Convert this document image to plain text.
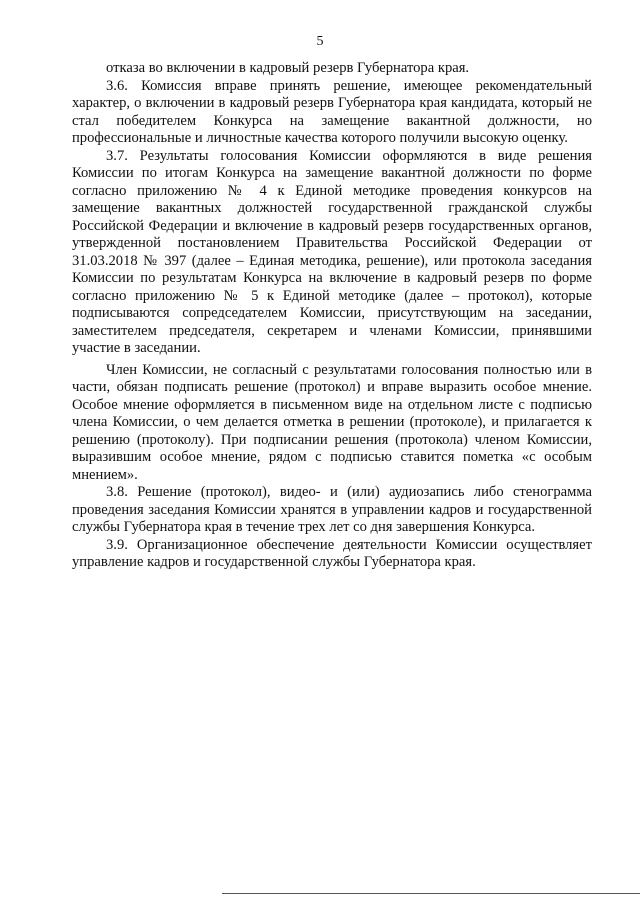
5

отказа во включении в кадровый резерв Губернатора края.

3.6. Комиссия вправе принять решение, имеющее рекомендательный характер, о включении в кадровый резерв Губернатора края кандидата, который не стал победителем Конкурса на замещение вакантной должности, но профессиональные и личностные качества которого получили высокую оценку.

3.7. Результаты голосования Комиссии оформляются в виде решения Комиссии по итогам Конкурса на замещение вакантной должности по форме согласно приложению № 4 к Единой методике проведения конкурсов на замещение вакантных должностей государственной гражданской службы Российской Федерации и включение в кадровый резерв государственных органов, утвержденной постановлением Правительства Российской Федерации от 31.03.2018 № 397 (далее – Единая методика, решение), или протокола заседания Комиссии по результатам Конкурса на включение в кадровый резерв по форме согласно приложению № 5 к Единой методике (далее – протокол), которые подписываются сопредседателем Комиссии, присутствующим на заседании, заместителем председателя, секретарем и членами Комиссии, принявшими участие в заседании.

Член Комиссии, не согласный с результатами голосования полностью или в части, обязан подписать решение (протокол) и вправе выразить особое мнение. Особое мнение оформляется в письменном виде на отдельном листе с подписью члена Комиссии, о чем делается отметка в решении (протоколе), и прилагается к решению (протоколу). При подписании решения (протокола) членом Комиссии, выразившим особое мнение, рядом с подписью ставится пометка «с особым мнением».

3.8. Решение (протокол), видео- и (или) аудиозапись либо стенограмма проведения заседания Комиссии хранятся в управлении кадров и государственной службы Губернатора края в течение трех лет со дня завершения Конкурса.

3.9. Организационное обеспечение деятельности Комиссии осуществляет управление кадров и государственной службы Губернатора края.
